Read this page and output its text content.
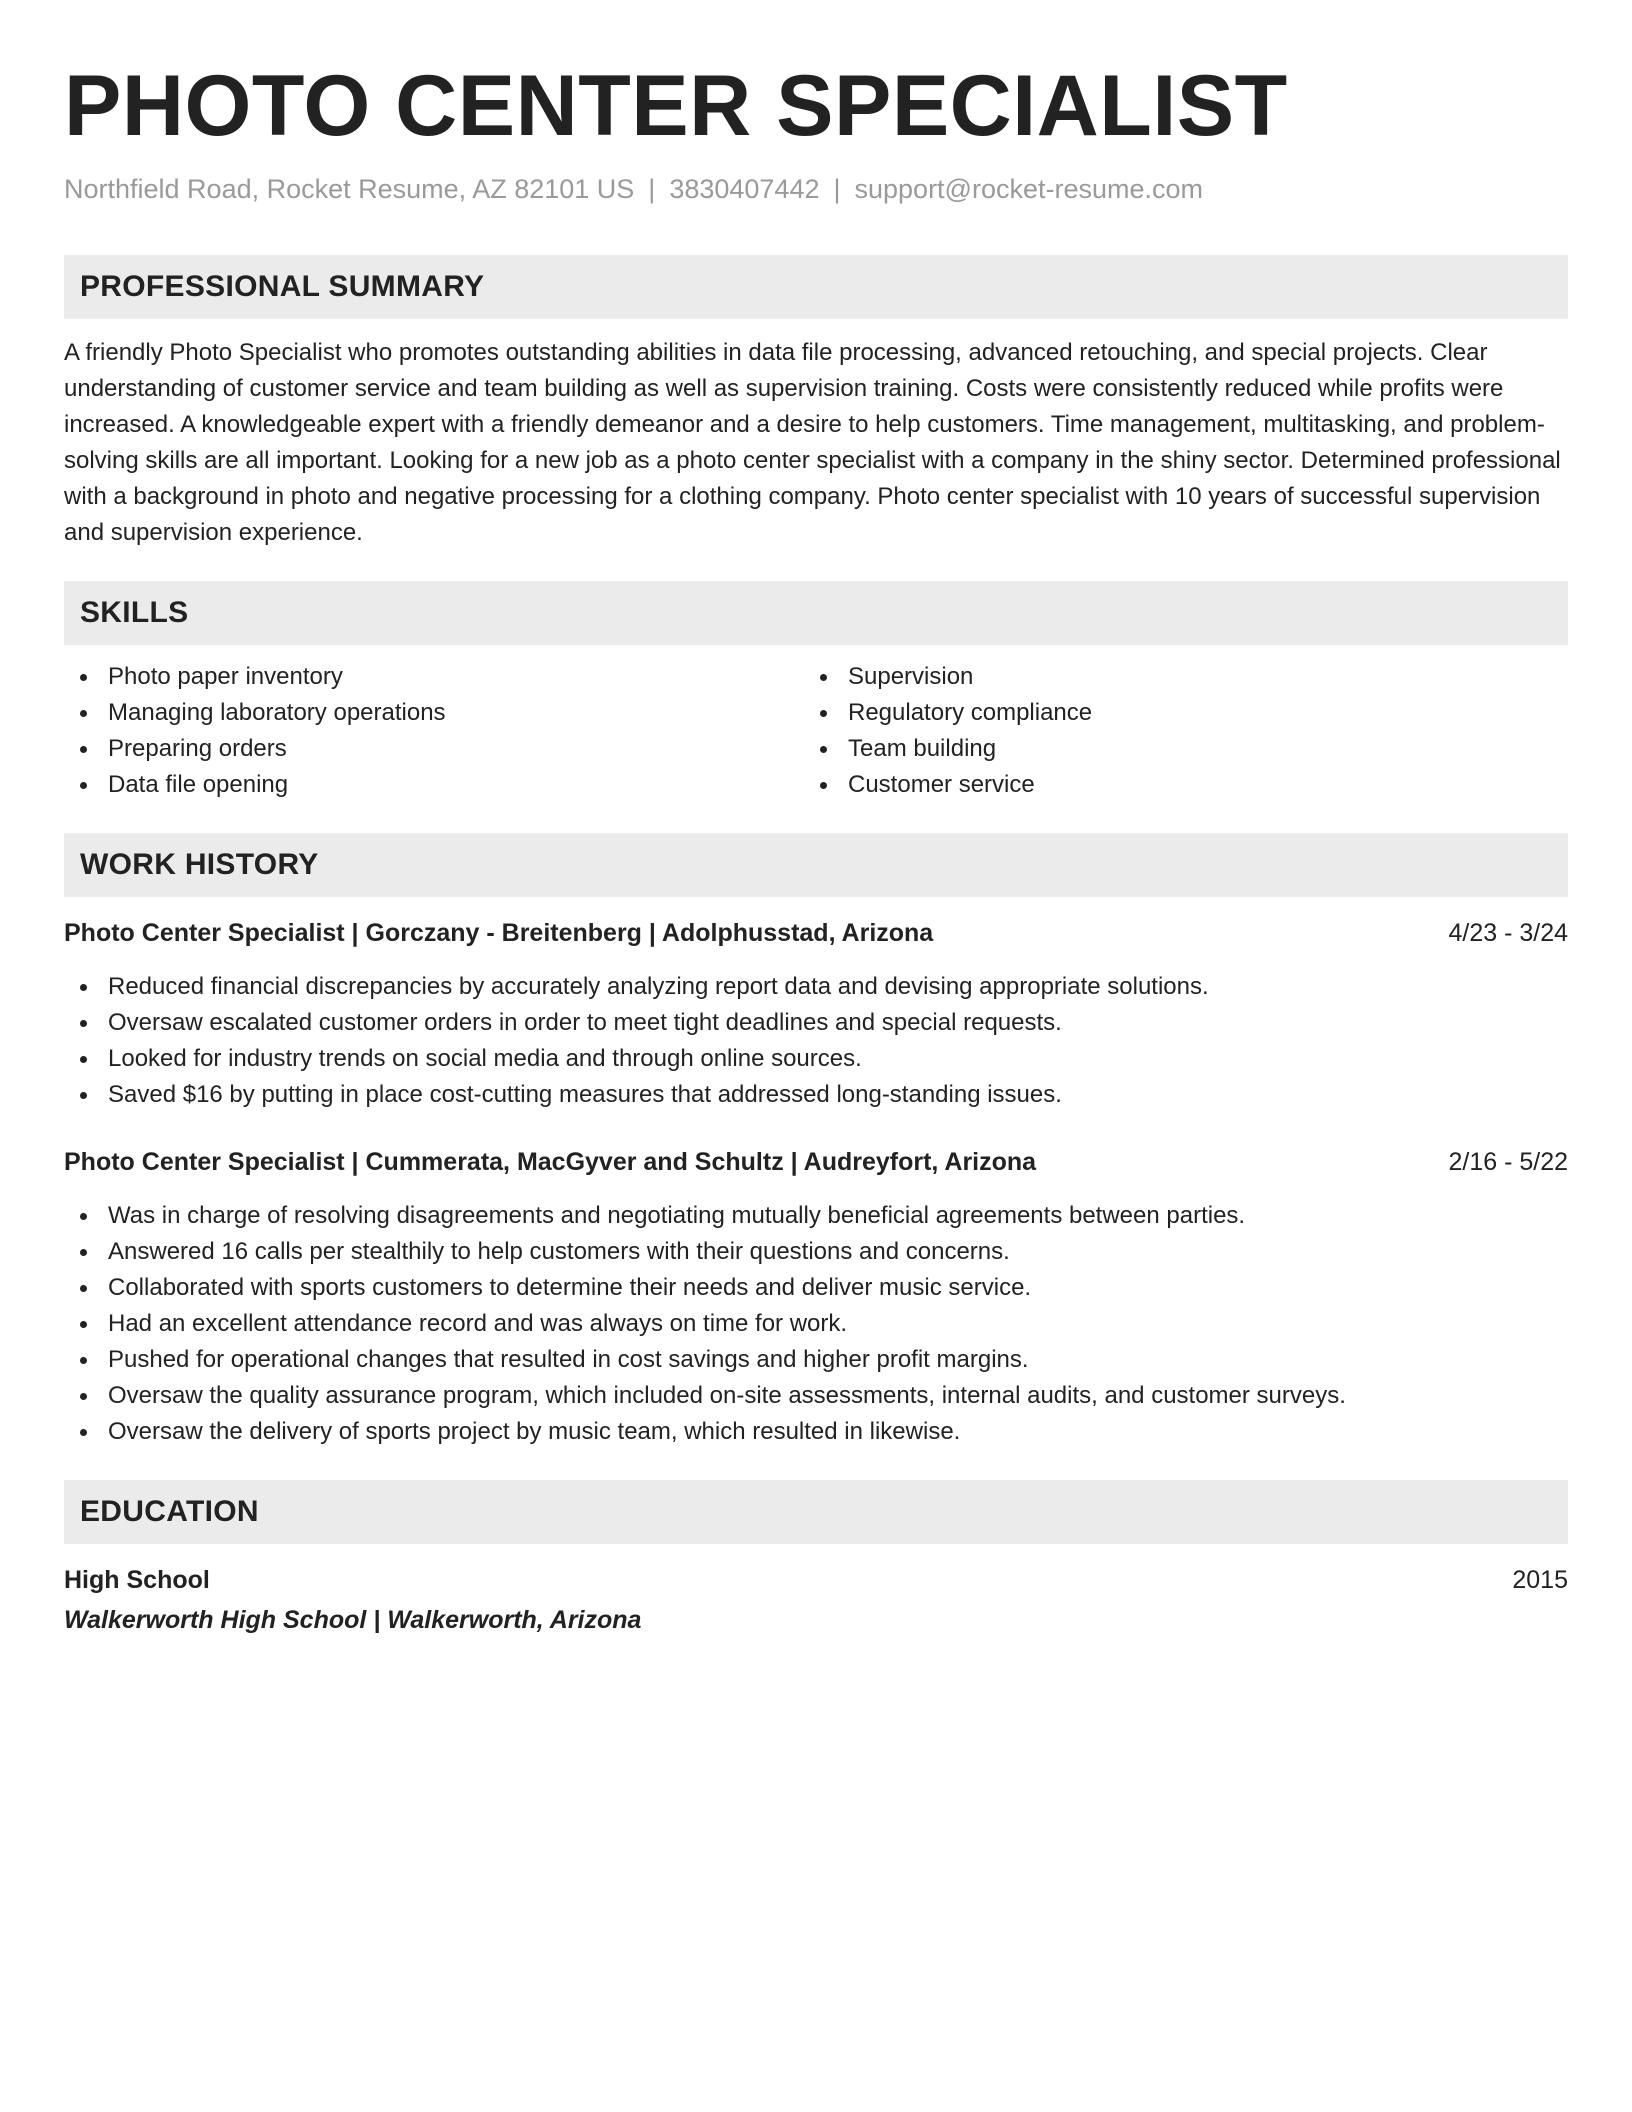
PHOTO CENTER SPECIALIST
Northfield Road, Rocket Resume, AZ 82101 US | 3830407442 | support@rocket-resume.com
PROFESSIONAL SUMMARY

A friendly Photo Specialist who promotes outstanding abilities in data file processing, advanced retouching, and special projects. Clear understanding of customer service and team building as well as supervision training. Costs were consistently reduced while profits were increased. A knowledgeable expert with a friendly demeanor and a desire to help customers. Time management, multitasking, and problem-solving skills are all important. Looking for a new job as a photo center specialist with a company in the shiny sector. Determined professional with a background in photo and negative processing for a clothing company. Photo center specialist with 10 years of successful supervision and supervision experience.

SKILLS
Photo paper inventory
Managing laboratory operations
Preparing orders
Data file opening
Supervision
Regulatory compliance
Team building
Customer service
WORK HISTORY
Photo Center Specialist | Gorczany - Breitenberg | Adolphusstad, Arizona	4/23 - 3/24
Reduced financial discrepancies by accurately analyzing report data and devising appropriate solutions.
Oversaw escalated customer orders in order to meet tight deadlines and special requests.
Looked for industry trends on social media and through online sources.
Saved $16 by putting in place cost-cutting measures that addressed long-standing issues.
Photo Center Specialist | Cummerata, MacGyver and Schultz | Audreyfort, Arizona	2/16 - 5/22
Was in charge of resolving disagreements and negotiating mutually beneficial agreements between parties.
Answered 16 calls per stealthily to help customers with their questions and concerns.
Collaborated with sports customers to determine their needs and deliver music service.
Had an excellent attendance record and was always on time for work.
Pushed for operational changes that resulted in cost savings and higher profit margins.
Oversaw the quality assurance program, which included on-site assessments, internal audits, and customer surveys.
Oversaw the delivery of sports project by music team, which resulted in likewise.
EDUCATION
High School	2015
Walkerworth High School | Walkerworth, Arizona
